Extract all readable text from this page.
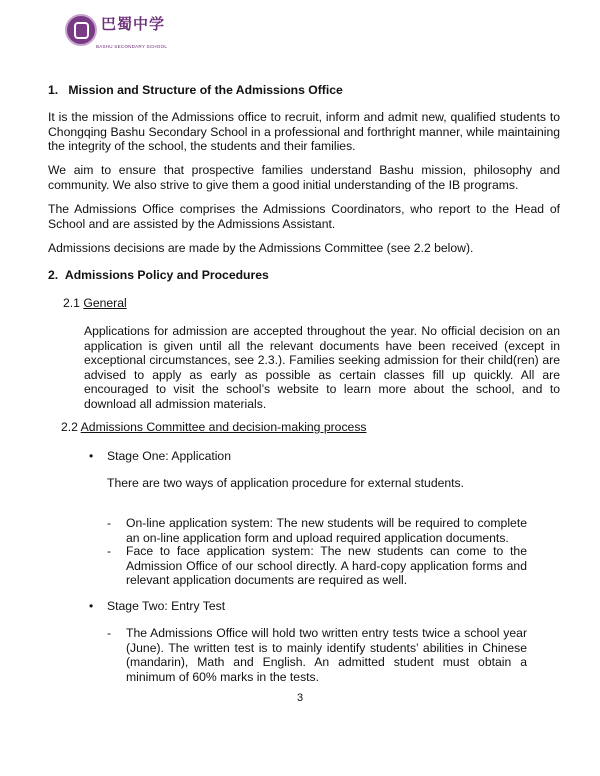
巴蜀中学
BASHU SECONDARY SCHOOL

1.   Mission and Structure of the Admissions Office

It is the mission of the Admissions office to recruit, inform and admit new, qualified students to Chongqing Bashu Secondary School in a professional and forthright manner, while maintaining the integrity of the school, the students and their families.

We aim to ensure that prospective families understand Bashu mission, philosophy and community. We also strive to give them a good initial understanding of the IB programs.

The Admissions Office comprises the Admissions Coordinators, who report to the Head of School and are assisted by the Admissions Assistant.

Admissions decisions are made by the Admissions Committee (see 2.2 below).

2.  Admissions Policy and Procedures

2.1 General

Applications for admission are accepted throughout the year. No official decision on an application is given until all the relevant documents have been received (except in exceptional circumstances, see 2.3.). Families seeking admission for their child(ren) are advised to apply as early as possible as certain classes fill up quickly. All are encouraged to visit the school’s website to learn more about the school, and to download all admission materials.

2.2 Admissions Committee and decision-making process

• Stage One: Application

There are two ways of application procedure for external students.

- On-line application system: The new students will be required to complete an on-line application form and upload required application documents.

- Face to face application system: The new students can come to the Admission Office of our school directly. A hard-copy application forms and relevant application documents are required as well.

• Stage Two: Entry Test

- The Admissions Office will hold two written entry tests twice a school year (June). The written test is to mainly identify students’ abilities in Chinese (mandarin), Math and English. An admitted student must obtain a minimum of 60% marks in the tests.

3
